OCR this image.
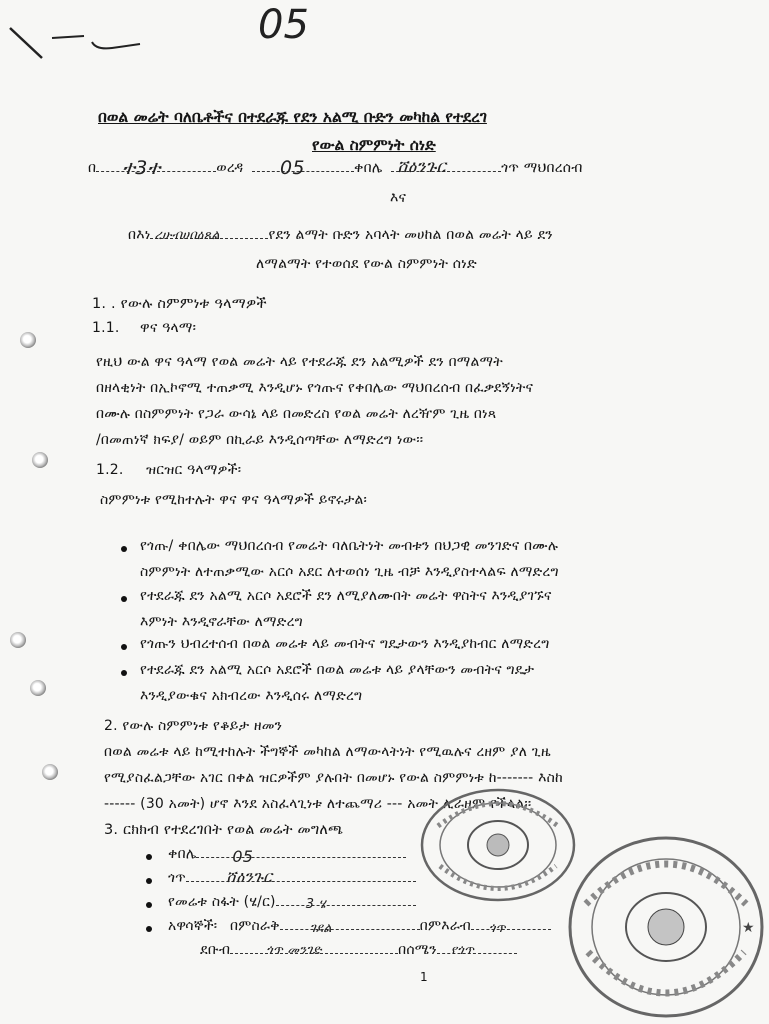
05
በወል መሬት ባለቤቶችና በተደራጁ የደን አልሚ ቡድን መካከል የተደረገ
የውል ስምምነት ሰነድ
በ ተ3ተ	ወረዳ 05	ቀበሌ ሸዕንጉር	ጎጥ ማህበረሰብ
እና
በእነ ረሁብሀበዕጸል	የደን ልማት ቡድን አባላት መሀከል በወል መሬት ላይ ደን
ለማልማት የተወሰደ የውል ስምምነት ሰነድ
1. . የውሉ ስምምነቱ ዓላማዎች
1.1. ዋና ዓላማ፡
የዚህ ውል ዋና ዓላማ የወል መሬት ላይ የተደራጁ ደን አልሚዎች ደን በማልማት
በዘላቂነት በኢኮኖሚ ተጠቃሚ እንዲሆኑ የጎጡና የቀበሌው ማህበረሰብ በፈቃደኝነትና
በሙሉ በስምምነት የጋራ ውሳኔ ላይ በመድረስ የወል መሬት ለረዥም ጊዜ በነጻ
/በመጠነኛ ክፍያ/ ወይም በኪራይ እንዲሰጣቸው ለማድረግ ነው፡፡
1.2. ዝርዝር ዓላማዎች፡
ስምምነቱ የሚከተሉት ዋና ዋና ዓላማዎች ይኖሩታል፡
የጎጡ/ ቀበሌው ማህበረሰብ የመሬት ባለቤትነት መብቱን በህጋዊ መንገድና በሙሉ
ስምምነት ለተጠቃሚው አርሶ አደር ለተወሰነ ጊዜ ብቻ እንዲያስተላልፍ ለማድረግ
የተደራጁ ደን አልሚ አርሶ አደሮች ደን ለሚያለሙበት መሬት ዋስትና እንዲያገኙና
እምነት እንዲኖራቸው ለማድረግ
የጎጡን ህብረተሰብ በወል መሬቱ ላይ መብትና ግዴታውን እንዲያከብር ለማድረግ
የተደራጁ ደን አልሚ አርሶ አደሮች በወል መሬቱ ላይ ያላቸውን መብትና ግዴታ
እንዲያውቁና አክብረው እንዲሰሩ ለማድረግ
2. የውሉ ስምምነቱ የቆይታ ዘመን
በወል መሬቱ ላይ ከሚተከሉት ችግኞች መካከል ለማውላትነት የሚዉሉና ረዘም ያለ ጊዜ
የሚያስፈልጋቸው አገር በቀል ዝርዎችም ያሉበት በመሆኑ የውል ስምምነቱ ከ------- እስከ
------ (30 አመት) ሆኖ እንደ አስፈላጊነቱ ለተጨማሪ --- አመት ሊራዘም የችላል፡፡
3. ርክክብ የተደረገበት የወል መሬት መግለጫ
ቀበሌ 05
ጎጥ	ሸዕንጉር
የመሬቱ ስፋት (ሄ/ር) 3 ሄ
አዋሳኞች፡ በምስራቅ ገደል	በምእራብ ጎጥ
ደቡብ	ጎጥ መንገድ	በሰሜን የጎጥ
★
1
